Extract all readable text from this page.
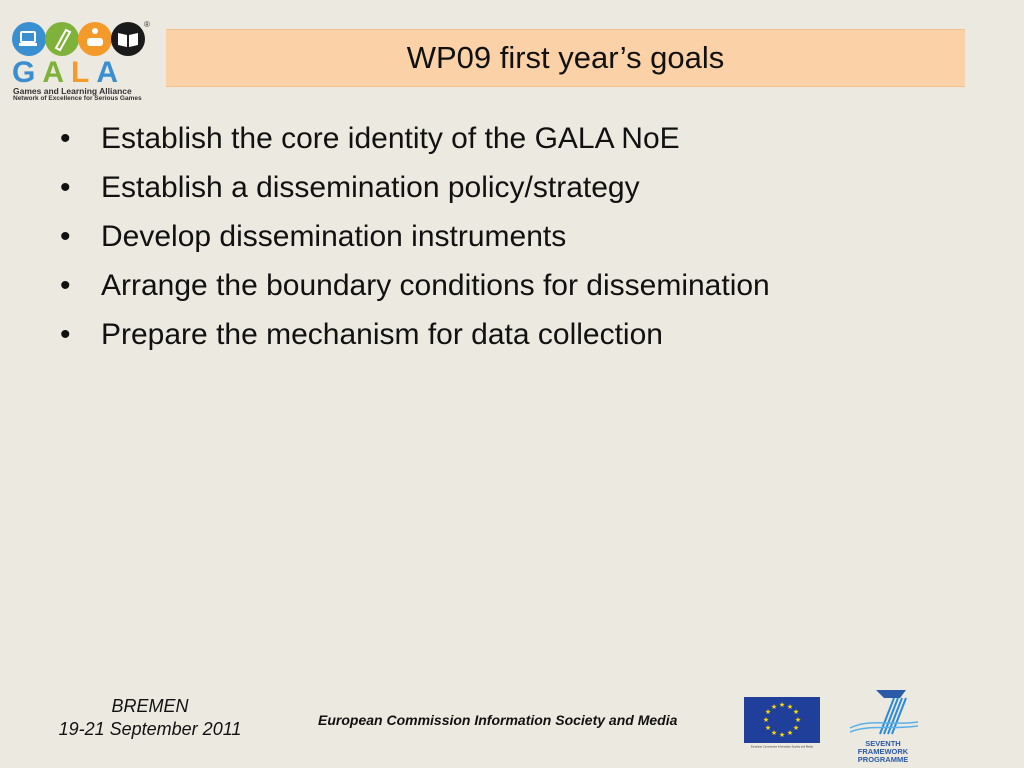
®
GALA
Games and Learning Alliance
Network of Excellence for Serious Games
WP09 first year’s goals
•	Establish the core identity of the GALA NoE
•	Establish a dissemination policy/strategy
•	Develop dissemination instruments
•	Arrange the boundary conditions for dissemination
•	Prepare the mechanism for data collection
BREMEN
19-21 September 2011	European Commission Information Society and Media
★ ★
★
★
★
★
★
★
★
★
★
★
European Commission Information Society and Media	SEVENTH FRAMEWORK
PROGRAMME
